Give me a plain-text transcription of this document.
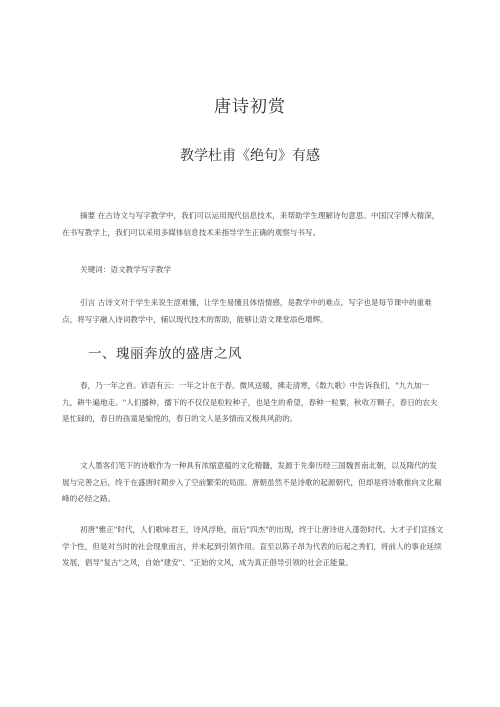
唐诗初赏
教学杜甫《绝句》有感

摘要 在古诗文与写字教学中，我们可以运用现代信息技术，来帮助学生理解诗句意思。中国汉字博大精深，在书写教学上，我们可以采用多媒体信息技术来指导学生正确的观察与书写。

关键词：语文教学写字教学

引言 古诗文对于学生来说生涩难懂，让学生易懂且体悟情感，是教学中的难点。写字也是每节课中的重难点，将写字融入诗词教学中，辅以现代技术的帮助，能够让语文课堂添色增辉。

一、瑰丽奔放的盛唐之风

春，乃一年之首。谚语有云：一年之计在于春。微风送暖，拂走清寒，《数九歌》中告诉我们，"九九加一九，耕牛遍地走。"人们播种，播下的不仅仅是粒粒种子，也是生的希望，春种一粒粟，秋收万颗子，春日的农夫是忙碌的，春日的孩童是愉悦的，春日的文人是多情而又极具风韵的。

文人墨客们笔下的诗歌作为一种具有浓缩意蕴的文化精髓，发源于先秦历经三国魏晋南北朝，以及隋代的发展与完善之后，终于在盛唐时期步入了空前繁荣的局面。唐朝虽然不是诗歌的起源朝代，但却是将诗歌推向文化巅峰的必经之路。

初唐"雅正"时代，人们歌咏君王，诗风浮艳，而后"四杰"的出现，终于让唐诗进入蓬勃时代。大才子们宣扬文学个性，但是对当时的社会现象而言，并未起到引领作用。直至以陈子昂为代表的后起之秀们，将前人的事业延续发展，倡导"复古"之风，自始"建安"、"正始的文风，成为真正倡导引领的社会正能量。
